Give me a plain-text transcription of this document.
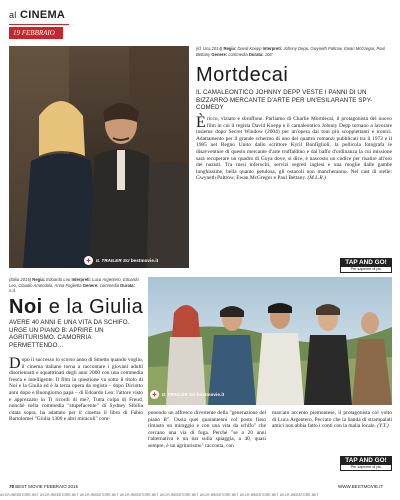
al CINEMA
19 FEBBRAIO
+	IL TRAILER SU bestmovie.it
(id. Usa 2014) Regia: David Koepp Interpreti: Johnny Depp, Gwyneth Paltrow, Ewan McGregor, Paul Bettany Genere: commedia Durata: 106'
Mortdecai
IL CAMALEONTICO JOHNNY DEPP VESTE I PANNI DI UN BIZZARRO MERCANTE D'ARTE PER UN'ESILARANTE SPY-COMEDY
Èricco, viziato e sbruffone. Parliamo di Charlie Mortdecai, il protagonista del nuovo film in cui il regista David Koepp e il camaleontico Johnny Depp tornano a lavorare insieme dopo Secret Window (2004) per un'opera dai toni più scoppiettanti e ironici. Adattamento per il grande schermo di uno dei quattro romanzi pubblicati tra il 1972 e il 1985 nel Regno Unito dallo scrittore Kyril Bonfiglioli, la pellicola fotografa le disavventure di questo mercante d'arte truffaldino e dal baffo d'ordinanza la cui missione sarà recuperare un quadro di Goya dove, si dice, è nascosto un codice per risalire all'oro dei nazisti. Tra russi inferociti, servizi segreti inglesi e una moglie dalle gambe lunghissime, bella quanto petulosa, gli ostacoli non mancheranno. Nel cast di stelle: Gwyneth Paltrow, Ewan McGregor e Paul Bettany. (M.L.R.)
TAP AND GO!
Per saperne di più
(Italia 2015) Regia: Edoardo Leo Interpreti: Luca Argentero, Edoardo Leo, Claudio Amendola, Anna Foglietta Genere: commedia Durata: n.d.
Noi e la Giulia
AVERE 40 ANNI E UNA VITA DA SCHIFO. URGE UN PIANO B: APRIRE UN AGRITURISMO. CAMORRIA PERMETTENDO…
Dopo il successo lo scorso anno di Smetto quando voglio, il cinema italiano torna a raccontare i giovani adulti disoriennati e squattrinati degli anni 2000 con una commedia fresca e intelligente. Il film in questione va sotto il titolo di Noi e la Giulia ed è la terza opera da regista – dopo Diciotto anni dopo e Buongiorno papà – di Edoardo Leo: l'attore visto e apprezzato in Ti ricordi di me?, Tutta colpa di Freud, nonché nella commedia "stupefacente" di Sydney Sibilia citata sopra, ha adattato per il cinema il libro di Fabio Bartolomei "Giulia 1300 e altri miracoli" com-
+	IL TRAILER SU bestmovie.it
ponendo un affresco divertente della "generazione del piano B". Ossia quei quarantenni col posto fisso rimasto un miraggio e con una vita da schifo" che cercano una via di fuga. Perché "se a 20 anni l'alternativa è un bar sulla spiaggia, a 40, quasi sempre, è un agriturismo" racconta, con
marcato accento piemontese, il protagonista col volto di Luca Argentero. Peccato che la banda di strampalati amici non abbia fatto i conti con la malia locale. (Y.T.)
TAP AND GO!
Per saperne di più
78 BEST MOVIE FEBBRAIO 2015	WWW.BESTMOVIE.IT
UKCR-WEBSTORE.NET UKCR-WEBSTORE.NET UKCR-WEBSTORE.NET UKCR-WEBSTORE.NET UKCR-WEBSTORE.NET UKCR-WEBSTORE.NET UKCR-WEBSTORE.NET UKCR-WEBSTORE.NET
